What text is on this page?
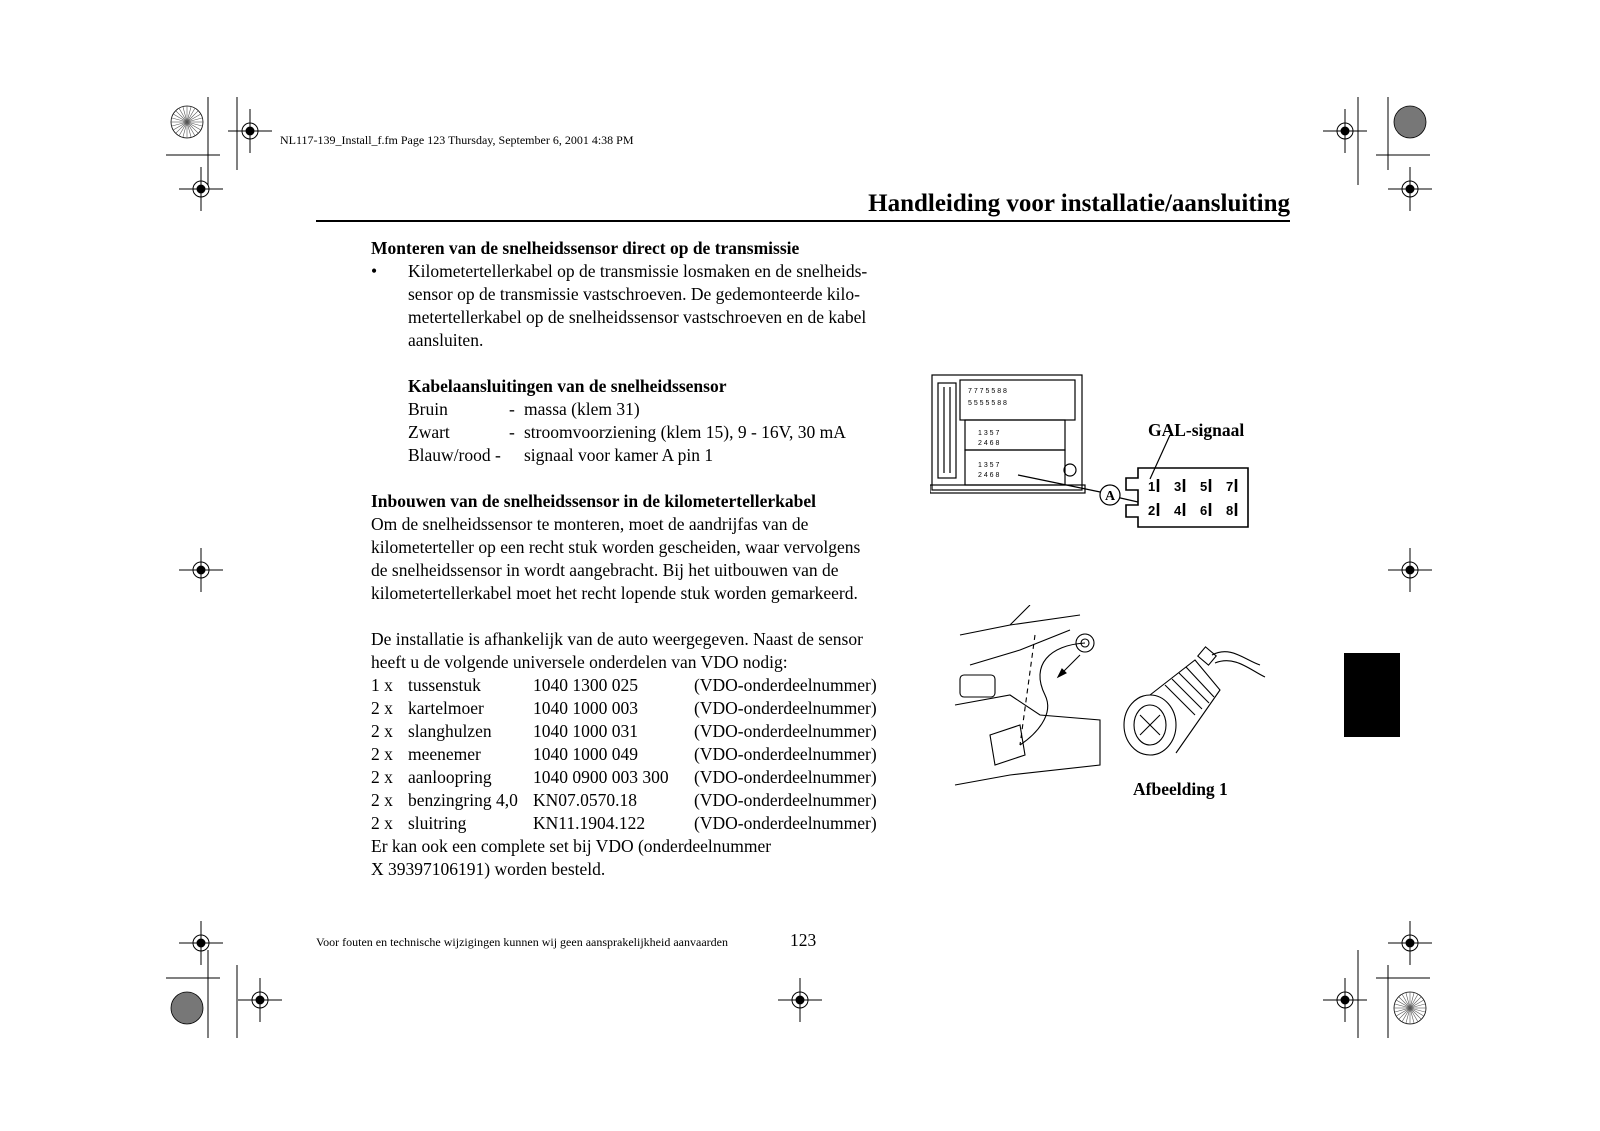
NL117-139_Install_f.fm Page 123 Thursday, September 6, 2001 4:38 PM
Handleiding voor installatie/aansluiting

Monteren van de snelheidssensor direct op de transmissie

•	Kilometertellerkabel op de transmissie losmaken en de snelheids-

sensor op de transmissie vastschroeven. De gedemonteerde kilo-

metertellerkabel op de snelheidssensor vastschroeven en de kabel

aansluiten.

Kabelaansluitingen van de snelheidssensor

Bruin	- massa (klem 31)
Zwart	- stroomvoorziening (klem 15), 9 - 16V, 30 mA
Blauw/rood -	signaal voor kamer A pin 1

Inbouwen van de snelheidssensor in de kilometertellerkabel

Om de snelheidssensor te monteren, moet de aandrijfas van de

kilometerteller op een recht stuk worden gescheiden, waar vervolgens

de snelheidssensor in wordt aangebracht. Bij het uitbouwen van de

kilometertellerkabel moet het recht lopende stuk worden gemarkeerd.

De installatie is afhankelijk van de auto weergegeven. Naast de sensor

heeft u de volgende universele onderdelen van VDO nodig:

1 x tussenstuk	1040 1300 025	(VDO-onderdeelnummer)
2 x kartelmoer	1040 1000 003	(VDO-onderdeelnummer)
2 x slanghulzen	1040 1000 031	(VDO-onderdeelnummer)
2 x meenemer	1040 1000 049	(VDO-onderdeelnummer)
2 x aanloopring	1040 0900 003 300	(VDO-onderdeelnummer)
2 x benzingring 4,0 KN07.0570.18	(VDO-onderdeelnummer)
2 x sluitring	KN11.1904.122	(VDO-onderdeelnummer)

Er kan ook een complete set bij VDO (onderdeelnummer

X 39397106191) worden besteld.

1 3 5 7
2 4 6 8
1 3 5 7
2 4 6 8
7 7 7 5 5 8 8
5 5 5 5 5 8 8
A
1 3 5 7
2 4 6 8
GAL-signaal
Afbeelding 1
Voor fouten en technische wijzigingen kunnen wij geen aansprakelijkheid aanvaarden	123
